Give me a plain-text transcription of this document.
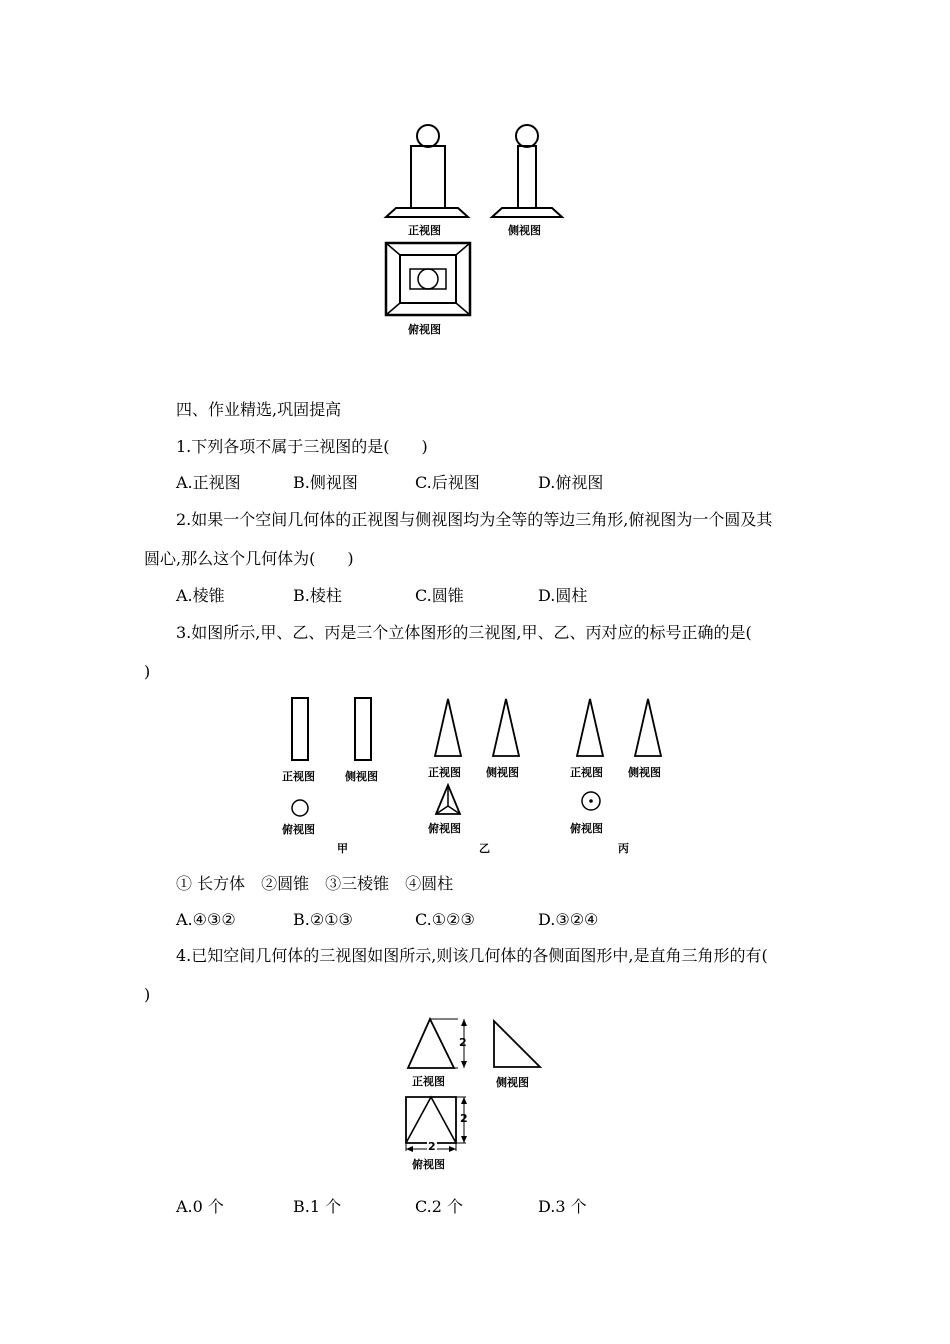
正视图	侧视图
俯视图
四、作业精选,巩固提高
1.下列各项不属于三视图的是(　　)
A.正视图	B.侧视图	C.后视图	D.俯视图
2.如果一个空间几何体的正视图与侧视图均为全等的等边三角形,俯视图为一个圆及其
圆心,那么这个几何体为(　　)
A.棱锥	B.棱柱	C.圆锥	D.圆柱
3.如图所示,甲、乙、丙是三个立体图形的三视图,甲、乙、丙对应的标号正确的是(
)
正视图	侧视图
俯视图
甲
正视图 侧视图
俯视图
乙
正视图 侧视图
俯视图
丙
① 长方体　②圆锥　③三棱锥　④圆柱
A.④③②	B.②①③	C.①②③	D.③②④
4.已知空间几何体的三视图如图所示,则该几何体的各侧面图形中,是直角三角形的有(
)
2
正视图	侧视图
2
2
俯视图
A.0 个	B.1 个	C.2 个	D.3 个
